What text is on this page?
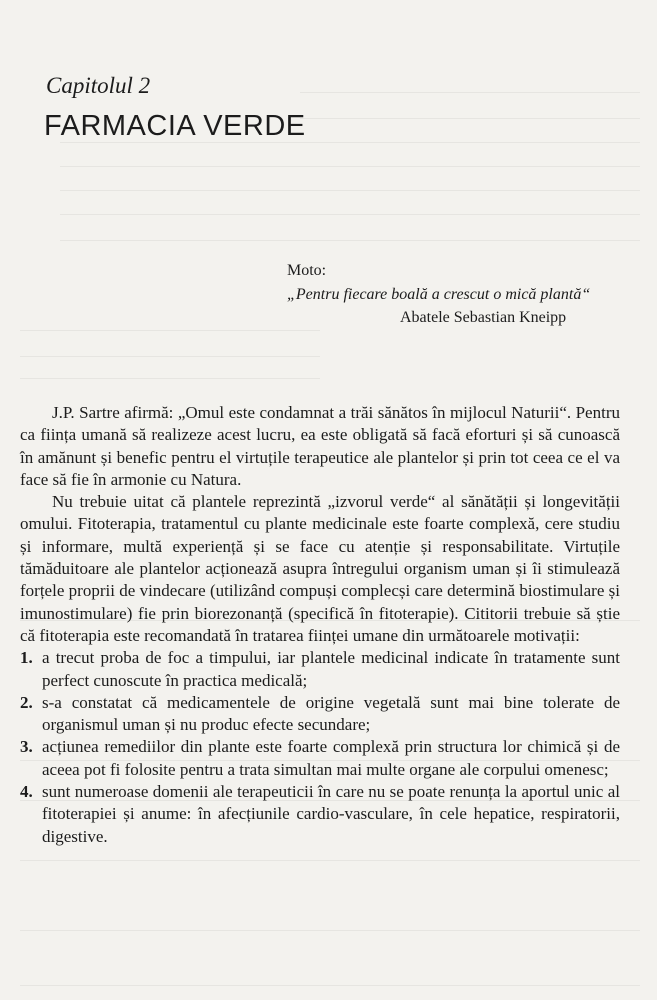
Capitolul 2
FARMACIA VERDE
Moto:
„Pentru fiecare boală a crescut o mică plantă“
Abatele Sebastian Kneipp

J.P. Sartre afirmă: „Omul este condamnat a trăi sănătos în mijlocul Naturii“. Pentru ca ființa umană să realizeze acest lucru, ea este obligată să facă eforturi și să cunoască în amănunt și benefic pentru el virtuțile terapeutice ale plantelor și prin tot ceea ce el va face să fie în armonie cu Natura.

Nu trebuie uitat că plantele reprezintă „izvorul verde“ al sănătății și longevității omului. Fitoterapia, tratamentul cu plante medicinale este foarte complexă, cere studiu și informare, multă experiență și se face cu atenție și responsabilitate. Virtuțile tămăduitoare ale plantelor acționează asupra întregului organism uman și îi stimulează forțele proprii de vindecare (utilizând compuși complecși care determină biostimulare și imunostimulare) fie prin biorezonanță (specifică în fitoterapie). Cititorii trebuie să știe că fitoterapia este recomandată în tratarea ființei umane din următoarele motivații:

1. a trecut proba de foc a timpului, iar plantele medicinal indicate în tratamente sunt perfect cunoscute în practica medicală;
2. s-a constatat că medicamentele de origine vegetală sunt mai bine tolerate de organismul uman și nu produc efecte secundare;
3. acțiunea remediilor din plante este foarte complexă prin structura lor chimică și de aceea pot fi folosite pentru a trata simultan mai multe organe ale corpului omenesc;
4. sunt numeroase domenii ale terapeuticii în care nu se poate renunța la aportul unic al fitoterapiei și anume: în afecțiunile cardio-vasculare, în cele hepatice, respiratorii, digestive.
